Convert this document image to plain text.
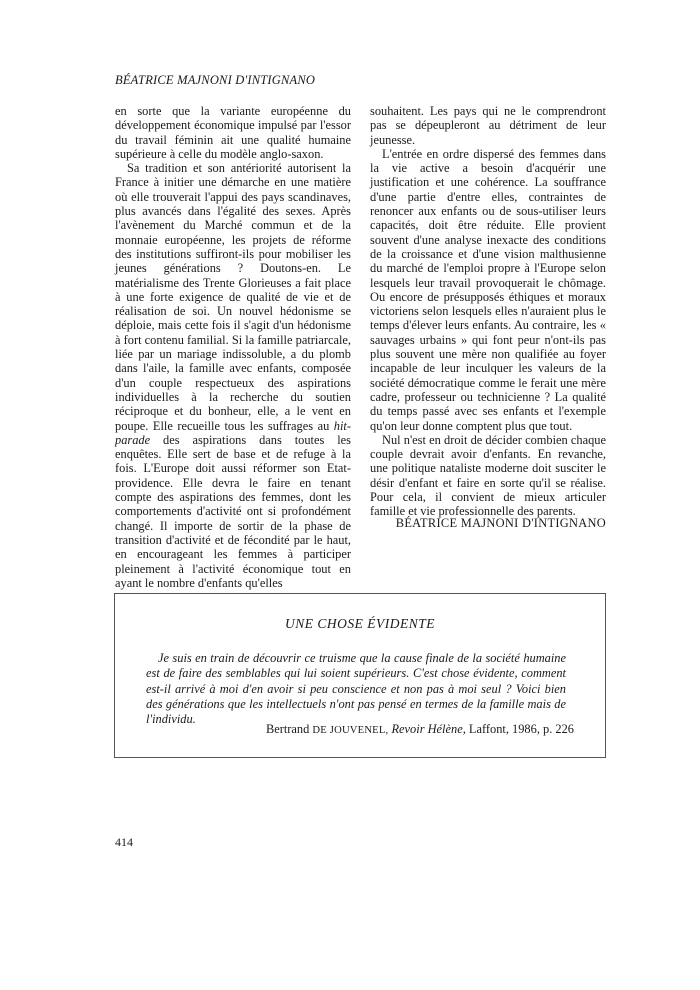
BÉATRICE MAJNONI D'INTIGNANO

en sorte que la variante européenne du développement économique impulsé par l'essor du travail féminin ait une qualité humaine supérieure à celle du modèle anglo-saxon.

Sa tradition et son antériorité autorisent la France à initier une démarche en une matière où elle trouverait l'appui des pays scandinaves, plus avancés dans l'égalité des sexes. Après l'avènement du Marché commun et de la monnaie européenne, les projets de réforme des institutions suffiront-ils pour mobiliser les jeunes générations ? Doutons-en. Le matérialisme des Trente Glorieuses a fait place à une forte exigence de qualité de vie et de réalisation de soi. Un nouvel hédonisme se déploie, mais cette fois il s'agit d'un hédonisme à fort contenu familial. Si la famille patriarcale, liée par un mariage indissoluble, a du plomb dans l'aile, la famille avec enfants, composée d'un couple respectueux des aspirations individuelles à la recherche du soutien réciproque et du bonheur, elle, a le vent en poupe. Elle recueille tous les suffrages au hit-parade des aspirations dans toutes les enquêtes. Elle sert de base et de refuge à la fois. L'Europe doit aussi réformer son Etat-providence. Elle devra le faire en tenant compte des aspirations des femmes, dont les comportements d'activité ont si profondément changé. Il importe de sortir de la phase de transition d'activité et de fécondité par le haut, en encourageant les femmes à participer pleinement à l'activité économique tout en ayant le nombre d'enfants qu'elles

souhaitent. Les pays qui ne le comprendront pas se dépeupleront au détriment de leur jeunesse.

L'entrée en ordre dispersé des femmes dans la vie active a besoin d'acquérir une justification et une cohérence. La souffrance d'une partie d'entre elles, contraintes de renoncer aux enfants ou de sous-utiliser leurs capacités, doit être réduite. Elle provient souvent d'une analyse inexacte des conditions de la croissance et d'une vision malthusienne du marché de l'emploi propre à l'Europe selon lesquels leur travail provoquerait le chômage. Ou encore de présupposés éthiques et moraux victoriens selon lesquels elles n'auraient plus le temps d'élever leurs enfants. Au contraire, les « sauvages urbains » qui font peur n'ont-ils pas plus souvent une mère non qualifiée au foyer incapable de leur inculquer les valeurs de la société démocratique comme le ferait une mère cadre, professeur ou technicienne ? La qualité du temps passé avec ses enfants et l'exemple qu'on leur donne comptent plus que tout.

Nul n'est en droit de décider combien chaque couple devrait avoir d'enfants. En revanche, une politique nataliste moderne doit susciter le désir d'enfant et faire en sorte qu'il se réalise. Pour cela, il convient de mieux articuler famille et vie professionnelle des parents.

BÉATRICE MAJNONI D'INTIGNANO

UNE CHOSE ÉVIDENTE

Je suis en train de découvrir ce truisme que la cause finale de la société humaine est de faire des semblables qui lui soient supérieurs. C'est chose évidente, comment est-il arrivé à moi d'en avoir si peu conscience et non pas à moi seul ? Voici bien des générations que les intellectuels n'ont pas pensé en termes de la famille mais de l'individu.

Bertrand DE JOUVENEL, Revoir Hélène, Laffont, 1986, p. 226

414
